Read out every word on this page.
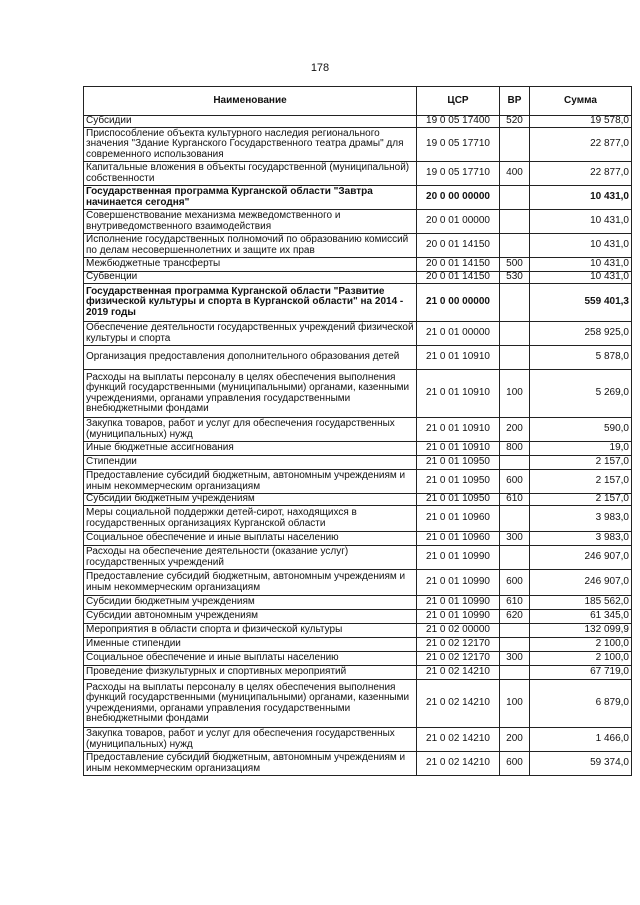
178
Наименование	ЦСР	ВР	Сумма
Субсидии	19 0 05 17400	520	19 578,0
Приспособление объекта культурного наследия регионального значения "Здание Курганского Государственного театра драмы" для современного использования	19 0 05 17710		22 877,0
Капитальные вложения в объекты государственной (муниципальной) собственности	19 0 05 17710	400	22 877,0
Государственная программа Курганской области "Завтра начинается сегодня"	20 0 00 00000		10 431,0
Совершенствование механизма межведомственного и внутриведомственного взаимодействия	20 0 01 00000		10 431,0
Исполнение государственных полномочий по образованию комиссий по делам несовершеннолетних и защите их прав	20 0 01 14150		10 431,0
Межбюджетные трансферты	20 0 01 14150	500	10 431,0
Субвенции	20 0 01 14150	530	10 431,0
Государственная программа Курганской области "Развитие физической культуры и спорта в Курганской области" на 2014 - 2019 годы	21 0 00 00000		559 401,3
Обеспечение деятельности государственных учреждений физической культуры и спорта	21 0 01 00000		258 925,0
Организация предоставления дополнительного образования детей	21 0 01 10910		5 878,0
Расходы на выплаты персоналу в целях обеспечения выполнения функций государственными (муниципальными) органами, казенными учреждениями, органами управления государственными внебюджетными фондами	21 0 01 10910	100	5 269,0
Закупка товаров, работ и услуг для обеспечения государственных (муниципальных) нужд	21 0 01 10910	200	590,0
Иные бюджетные ассигнования	21 0 01 10910	800	19,0
Стипендии	21 0 01 10950		2 157,0
Предоставление субсидий бюджетным, автономным учреждениям и иным некоммерческим организациям	21 0 01 10950	600	2 157,0
Субсидии бюджетным учреждениям	21 0 01 10950	610	2 157,0
Меры социальной поддержки детей-сирот, находящихся в государственных организациях Курганской области	21 0 01 10960		3 983,0
Социальное обеспечение и иные выплаты населению	21 0 01 10960	300	3 983,0
Расходы на обеспечение деятельности (оказание услуг) государственных учреждений	21 0 01 10990		246 907,0
Предоставление субсидий бюджетным, автономным учреждениям и иным некоммерческим организациям	21 0 01 10990	600	246 907,0
Субсидии бюджетным учреждениям	21 0 01 10990	610	185 562,0
Субсидии автономным учреждениям	21 0 01 10990	620	61 345,0
Мероприятия в области спорта и физической культуры	21 0 02 00000		132 099,9
Именные стипендии	21 0 02 12170		2 100,0
Социальное обеспечение и иные выплаты населению	21 0 02 12170	300	2 100,0
Проведение физкультурных и спортивных мероприятий	21 0 02 14210		67 719,0
Расходы на выплаты персоналу в целях обеспечения выполнения функций государственными (муниципальными) органами, казенными учреждениями, органами управления государственными внебюджетными фондами	21 0 02 14210	100	6 879,0
Закупка товаров, работ и услуг для обеспечения государственных (муниципальных) нужд	21 0 02 14210	200	1 466,0
Предоставление субсидий бюджетным, автономным учреждениям и иным некоммерческим организациям	21 0 02 14210	600	59 374,0
